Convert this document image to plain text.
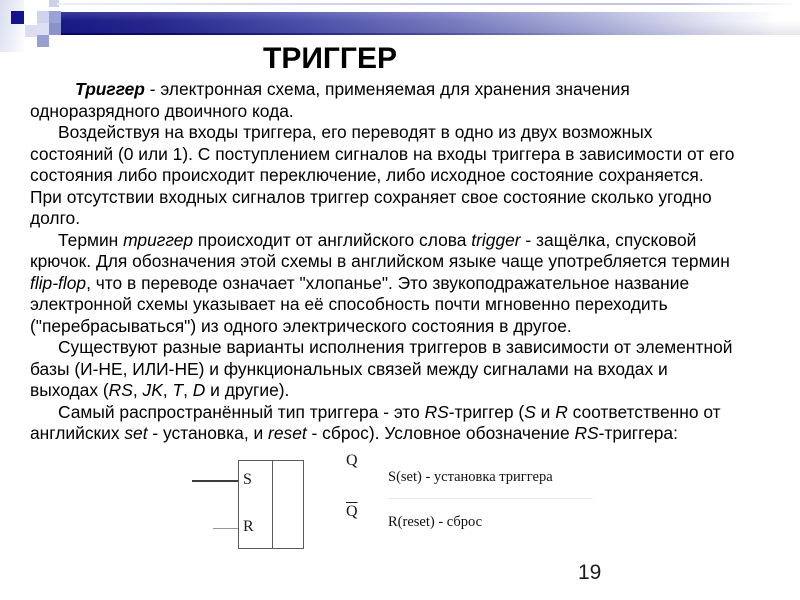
ТРИГГЕР
Триггер - электронная схема, применяемая для хранения значения
одноразрядного двоичного кода.
Воздействуя на входы триггера, его переводят в одно из двух возможных
состояний (0 или 1). С поступлением сигналов на входы триггера в зависимости от его
состояния либо происходит переключение, либо исходное состояние сохраняется.
При отсутствии входных сигналов триггер сохраняет свое состояние сколько угодно
долго.
Термин триггер происходит от английского слова trigger - защёлка, спусковой
крючок. Для обозначения этой схемы в английском языке чаще употребляется термин
flip-flop, что в переводе означает "хлопанье". Это звукоподражательное название
электронной схемы указывает на её способность почти мгновенно переходить
("перебрасываться") из одного электрического состояния в другое.
Существуют разные варианты исполнения триггеров в зависимости от элементной
базы (И-НЕ, ИЛИ-НЕ) и функциональных связей между сигналами на входах и
выходах (RS, JK, T, D и другие).
Самый распространённый тип триггера - это RS-триггер (S и R соответственно от
английских set - установка, и reset - сброс). Условное обозначение RS-триггера:
S
R
Q
$\overline{Q}$
S(set) - установка триггера
R(reset) - сброс
19
